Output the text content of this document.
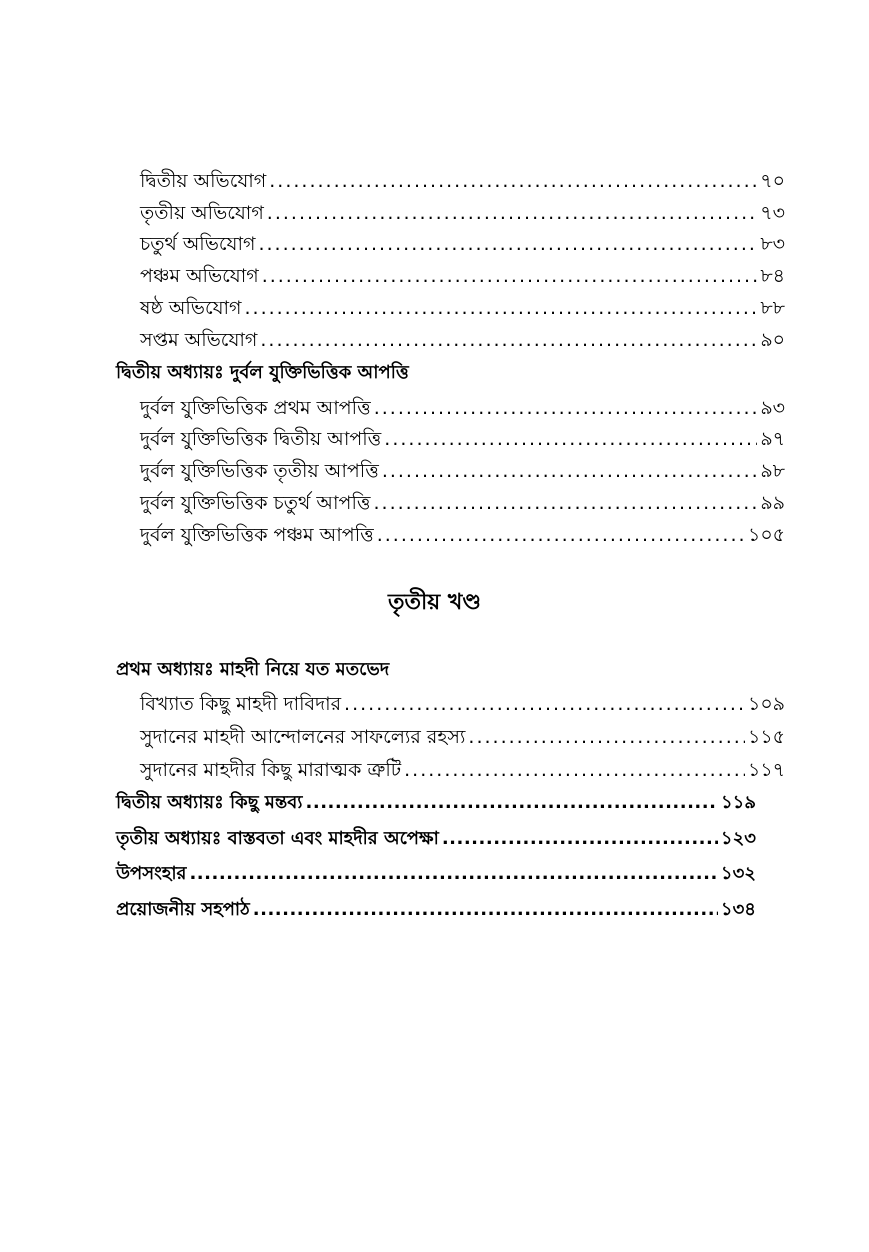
দ্বিতীয় অভিযোগ .....	৭০
তৃতীয় অভিযোগ .....	৭৩
চতুর্থ অভিযোগ .....	৮৩
পঞ্চম অভিযোগ .....	৮৪
ষষ্ঠ অভিযোগ .....	৮৮
সপ্তম অভিযোগ .....	৯০
দ্বিতীয় অধ্যায়ঃ দুর্বল যুক্তিভিত্তিক আপত্তি
দুর্বল যুক্তিভিত্তিক প্রথম আপত্তি .....	৯৩
দুর্বল যুক্তিভিত্তিক দ্বিতীয় আপত্তি .....	৯৭
দুর্বল যুক্তিভিত্তিক তৃতীয় আপত্তি .....	৯৮
দুর্বল যুক্তিভিত্তিক চতুর্থ আপত্তি .....	৯৯
দুর্বল যুক্তিভিত্তিক পঞ্চম আপত্তি .....	১০৫
তৃতীয় খণ্ড
প্রথম অধ্যায়ঃ মাহদী নিয়ে যত মতভেদ
বিখ্যাত কিছু মাহদী দাবিদার .....	১০৯
সুদানের মাহদী আন্দোলনের সাফল্যের রহস্য .....	১১৫
সুদানের মাহদীর কিছু মারাত্মক ত্রুটি .....	১১৭
দ্বিতীয় অধ্যায়ঃ কিছু মন্তব্য .....	১১৯
তৃতীয় অধ্যায়ঃ বাস্তবতা এবং মাহদীর অপেক্ষা .....	১২৩
উপসংহার .....	১৩২
প্রয়োজনীয় সহপাঠ .....	১৩৪
